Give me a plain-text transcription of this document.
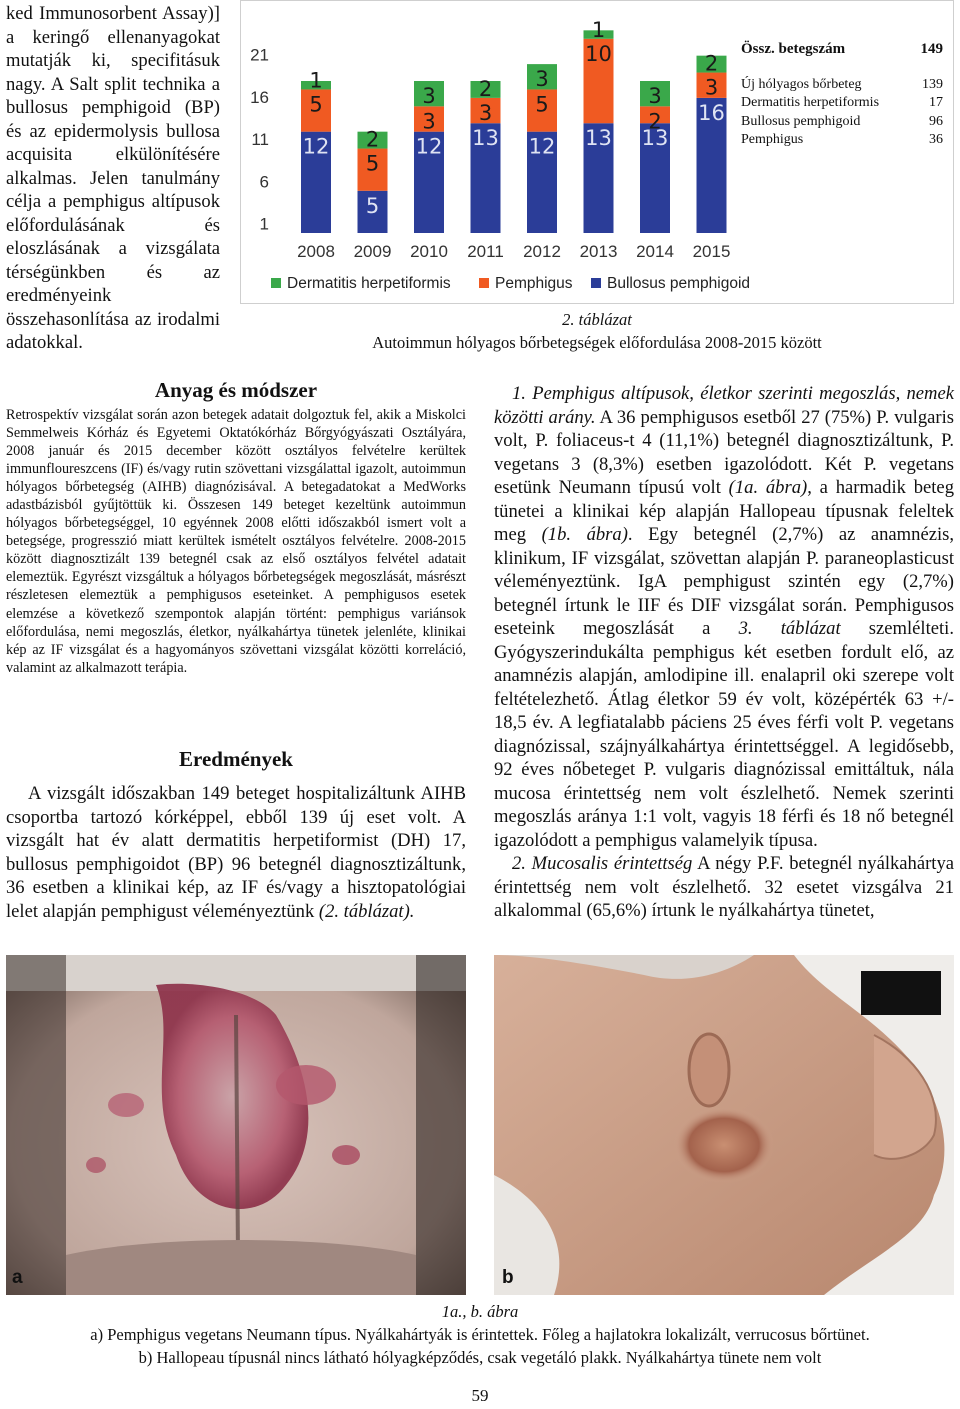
ked Immunosorbent Assay)] a keringő ellenanyagokat mutatják ki, specifitásuk nagy. A Salt split technika a bullosus pemphigoid (BP) és az epidermolysis bullosa acquisita elkülönítésére alkalmas. Jelen tanulmány célja a pemphigus altípusok előfordulásának és eloszlásának a vizsgálata térségünkben és az eredményeink összehasonlítása az irodalmi adatokkal.

1
6
11
16
21
12
5
1
5
5
2 12
3
3
13
3
2
12
5
3
13
10
1
13
2
3
16
3
2
2008 2009 2010 2011 2012 2013 2014 2015
Dermatitis herpetiformis	Pemphigus Bullosus pemphigoid
Össz. betegszám	149
Új hólyagos bőrbeteg	139
Dermatitis herpetiformis	17
Bullosus pemphigoid	96
Pemphigus	36
2. táblázat
Autoimmun hólyagos bőrbetegségek előfordulása 2008-2015 között
Anyag és módszer

Retrospektív vizsgálat során azon betegek adatait dolgoztuk fel, akik a Miskolci Semmelweis Kórház és Egyetemi Oktatókórház Bőrgyógyászati Osztályára, 2008 január és 2015 december között osztályos felvételre kerültek immunfloureszcens (IF) és/vagy rutin szövettani vizsgálattal igazolt, autoimmun hólyagos bőrbetegség (AIHB) diagnózisával. A betegadatokat a MedWorks adastbázisból gyűjtöttük ki. Összesen 149 beteget kezeltünk autoimmun hólyagos bőrbetegséggel, 10 egyénnek 2008 előtti időszakból ismert volt a betegsége, progresszió miatt kerültek ismételt osztályos felvételre. 2008-2015 között diagnosztizált 139 betegnél csak az első osztályos felvétel adatait elemeztük. Egyrészt vizsgáltuk a hólyagos bőrbetegségek megoszlását, másrészt részletesen elemeztük a pemphigusos eseteinket. A pemphigusos esetek elemzése a következő szempontok alapján történt: pemphigus variánsok előfordulása, nemi megoszlás, életkor, nyálkahártya tünetek jelenléte, klinikai kép az IF vizsgálat és a hagyományos szövettani vizsgálat közötti korreláció, valamint az alkalmazott terápia.

Eredmények

A vizsgált időszakban 149 beteget hospitalizáltunk AIHB csoportba tartozó kórképpel, ebből 139 új eset volt. A vizsgált hat év alatt dermatitis herpetiformist (DH) 17, bullosus pemphigoidot (BP) 96 betegnél diagnosztizáltunk, 36 esetben a klinikai kép, az IF és/vagy a hisztopatológiai lelet alapján pemphigust véleményeztünk (2. táblázat).

1. Pemphigus altípusok, életkor szerinti megoszlás, nemek közötti arány. A 36 pemphigusos esetből 27 (75%) P. vulgaris volt, P. foliaceus-t 4 (11,1%) betegnél diagnosztizáltunk, P. vegetans 3 (8,3%) esetben igazolódott. Két P. vegetans esetünk Neumann típusú volt (1a. ábra), a harmadik beteg tünetei a klinikai kép alapján Hallopeau típusnak feleltek meg (1b. ábra). Egy betegnél (2,7%) az anamnézis, klinikum, IF vizsgálat, szövettan alapján P. paraneoplasticust véleményeztünk. IgA pemphigust szintén egy (2,7%) betegnél írtunk le IIF és DIF vizsgálat során. Pemphigusos eseteink megoszlását a 3. táblázat szemlélteti. Gyógyszerindukálta pemphigus két esetben fordult elő, az anamnézis alapján, amlodipine ill. enalapril oki szerepe volt feltételezhető. Átlag életkor 59 év volt, középérték 63 +/- 18,5 év. A legfiatalabb páciens 25 éves férfi volt P. vegetans diagnózissal, szájnyálkahártya érintettséggel. A legidősebb, 92 éves nőbeteget P. vulgaris diagnózissal emittáltuk, nála mucosa érintettség nem volt észlelhető. Nemek szerinti megoszlás aránya 1:1 volt, vagyis 18 férfi és 18 nő betegnél igazolódott a pemphigus valamelyik típusa.

2. Mucosalis érintettség A négy P.F. betegnél nyálkahártya érintettség nem volt észlelhető. 32 esetet vizsgálva 21 alkalommal (65,6%) írtunk le nyálkahártya tünetet,

a	b
1a., b. ábra
a) Pemphigus vegetans Neumann típus. Nyálkahártyák is érintettek. Főleg a hajlatokra lokalizált, verrucosus bőrtünet.
b) Hallopeau típusnál nincs látható hólyagképződés, csak vegetáló plakk. Nyálkahártya tünete nem volt
59
